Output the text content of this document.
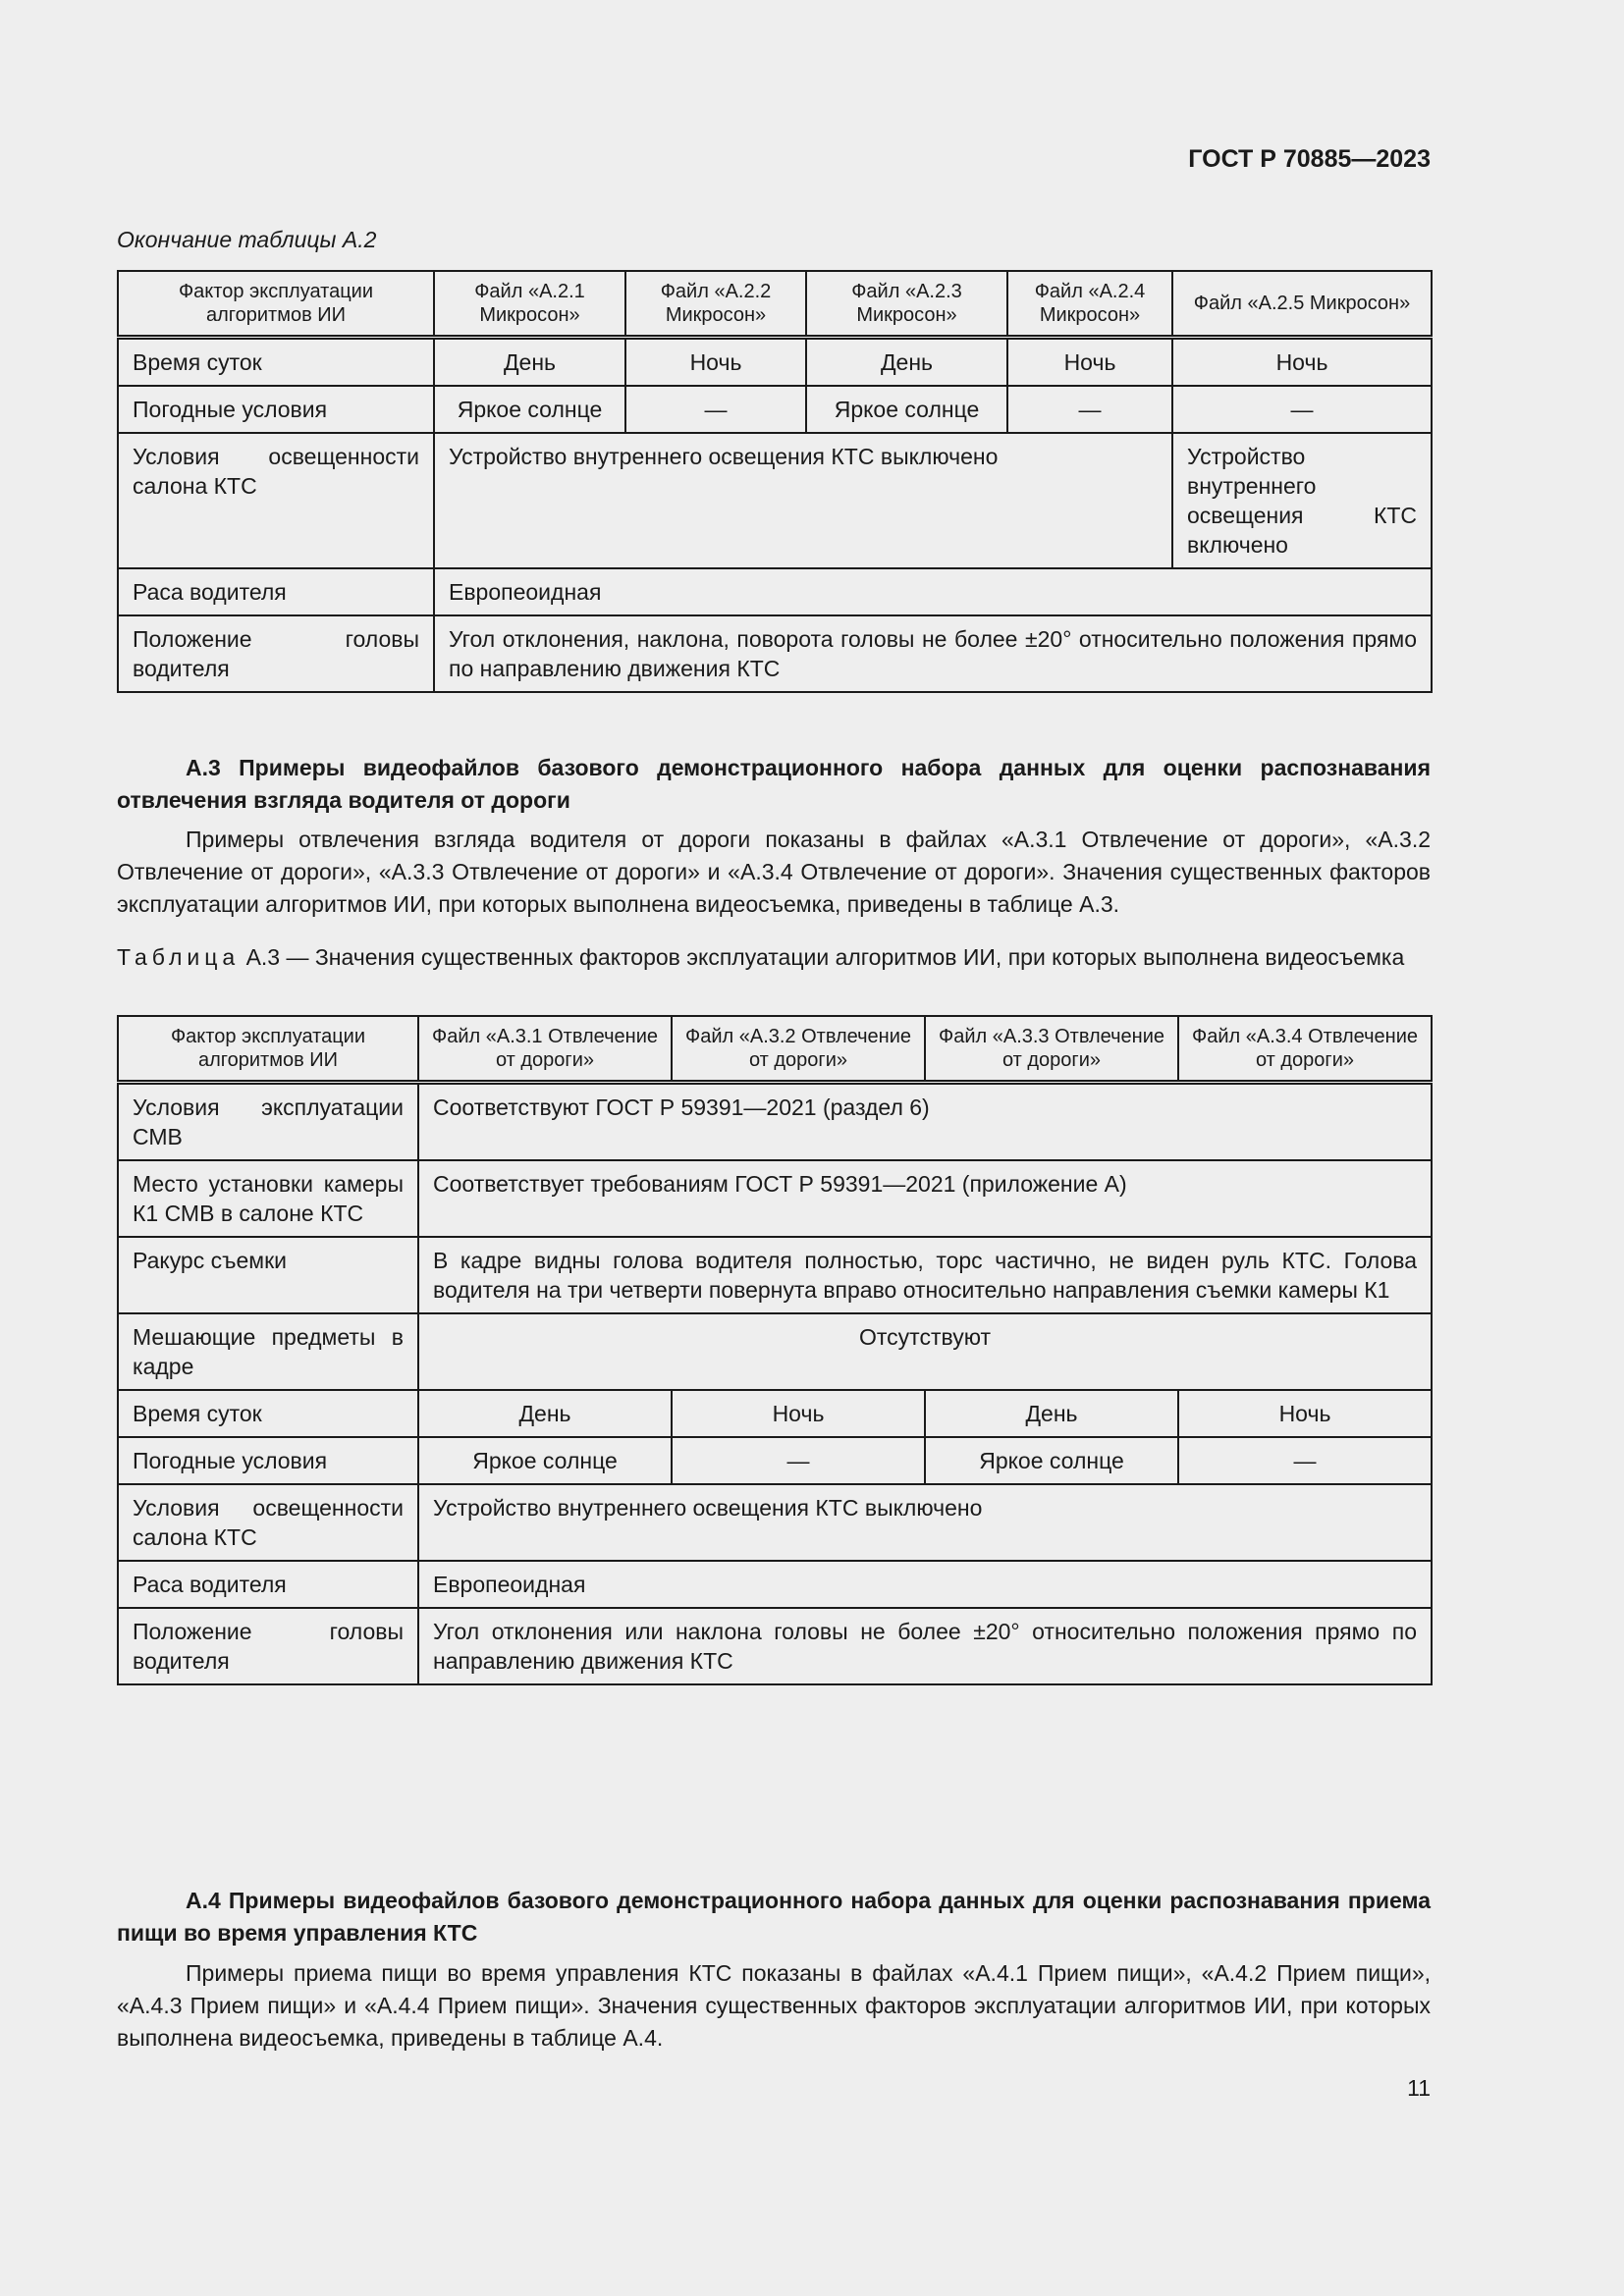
ГОСТ Р 70885—2023
Окончание таблицы А.2
Фактор эксплуатации алгоритмов ИИ	Файл «А.2.1 Микросон»	Файл «А.2.2 Микросон»	Файл «А.2.3 Микросон»	Файл «А.2.4 Микросон»	Файл «А.2.5 Микросон»
Время суток	День	Ночь	День	Ночь	Ночь
Погодные условия	Яркое солнце	—	Яркое солнце	—	—
Условия освещенности салона КТС	Устройство внутреннего освещения КТС выключено				Устройство внутреннего освещения КТС включено
Раса водителя	Европеоидная				
Положение головы водителя	Угол отклонения, наклона, поворота головы не более ±20° относительно положения прямо по направлению движения КТС				
А.3 Примеры видеофайлов базового демонстрационного набора данных для оценки распознавания отвлечения взгляда водителя от дороги
Примеры отвлечения взгляда водителя от дороги показаны в файлах «А.3.1 Отвлечение от дороги», «А.3.2 Отвлечение от дороги», «А.3.3 Отвлечение от дороги» и «А.3.4 Отвлечение от дороги». Значения существенных факторов эксплуатации алгоритмов ИИ, при которых выполнена видеосъемка, приведены в таблице А.3.
Таблица А.3 — Значения существенных факторов эксплуатации алгоритмов ИИ, при которых выполнена видеосъемка
Фактор эксплуатации алгоритмов ИИ	Файл «А.3.1 Отвлечение от дороги»	Файл «А.3.2 Отвлечение от дороги»	Файл «А.3.3 Отвлечение от дороги»	Файл «А.3.4 Отвлечение от дороги»
Условия эксплуатации СМВ	Соответствуют ГОСТ Р 59391—2021 (раздел 6)			
Место установки камеры К1 СМВ в салоне КТС	Соответствует требованиям ГОСТ Р 59391—2021 (приложение А)			
Ракурс съемки	В кадре видны голова водителя полностью, торс частично, не виден руль КТС. Голова водителя на три четверти повернута вправо относительно направления съемки камеры К1			
Мешающие предметы в кадре	Отсутствуют			
Время суток	День	Ночь	День	Ночь
Погодные условия	Яркое солнце	—	Яркое солнце	—
Условия освещенности салона КТС	Устройство внутреннего освещения КТС выключено			
Раса водителя	Европеоидная			
Положение головы водителя	Угол отклонения или наклона головы не более ±20° относительно положения прямо по направлению движения КТС			
А.4 Примеры видеофайлов базового демонстрационного набора данных для оценки распознавания приема пищи во время управления КТС
Примеры приема пищи во время управления КТС показаны в файлах «А.4.1 Прием пищи», «А.4.2 Прием пищи», «А.4.3 Прием пищи» и «А.4.4 Прием пищи». Значения существенных факторов эксплуатации алгоритмов ИИ, при которых выполнена видеосъемка, приведены в таблице А.4.
11
